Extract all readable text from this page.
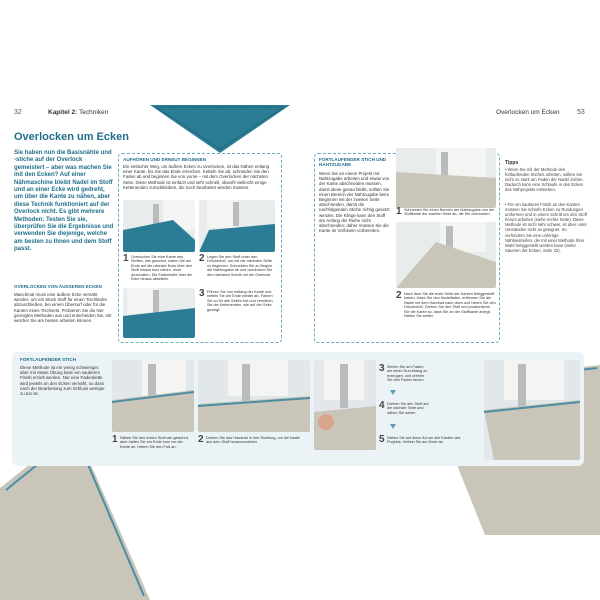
32	Kapitel 2: Techniken	Overlocken um Ecken 53
Overlocken um Ecken
Sie haben nun die Basisnähte und -stiche auf der Overlock gemeistert – aber was machen Sie mit den Ecken? Auf einer Nähmaschine bleibt Nadel im Stoff und an einer Ecke wird gedreht, um über die Kante zu nähen, aber diese Technik funktioniert auf der Overlock nicht. Es gibt mehrere Methoden: Testen Sie sie, überprüfen Sie die Ergebnisse und verwenden Sie diejenige, welche am besten zu Ihnen und dem Stoff passt.
OVERLOCKEN VON ÄUSSEREN ECKEN
Manchmal muss eine äußere Ecke vernäht werden: um ein Stück Stoff für einen Tischläufer abzuschließen, bei einem Übersurf oder für die Kanten eines Tischsets. Probieren Sie die hier gezeigten Methoden aus und entscheiden Sie, mit welcher Sie am besten arbeiten können.
AUFHÖREN UND ERNEUT BEGINNEN
Ein einfacher Weg, um äußere Ecken zu overlocken, ist das Nähen entlang einer Kante, bis Sie das Ende erreichen. Ketteln Sie ab, schneiden Sie den Faden ab und beginnen Sie von vorne – mit dem Overlocken der nächsten Seite. Diese Methode ist einfach und sehr schnell, obwohl vielleicht einige Kettenenden zurückbleiben, die noch bearbeitet werden müssen.
1 Overlocken Sie eine Kante des Stoffes, wie gewohnt, indem Sie am Ende auf die nächste Ecke über den Stoff hinaus kurz nähen, ohne anzuhalten. Die Fadenkette über die Ecke hinaus abketteln.
2 Legen Sie den Stoff unter den Drückerfuß, um mit der nächsten Seite zu beginnen. Schneiden Sie zu Beginn die Nahtzugabe ab und overlocken Sie den nächsten Schritt mit der Overlock.
3 Führen Sie nun entlang der Kante und ketteln Sie am Ende wieder ab. Fahren Sie so für alle Seiten fort und vernähen Sie die Kettenenden, wie auf der Seite gezeigt.
FORTLAUFENDER STICH UND NAHTZUGABE
Wenn Sie an einem Projekt mit Nahtzugabe arbeiten und etwas von der Kante abschneiden müssen, damit diese genau bleibt, sollten Sie einen Bereich der Nahtzugabe beim Beginnen mit der zweiten Seite abschneiden, damit die nachfolgenden Stiche richtig gesetzt werden. Die Klinge kann den Stoff am Anfang der Reihe nicht abschneiden; daher müssen Sie die Kante im Vorhinein vorbereiten.
1 Schneiden Sie einen Bereich der Nahtzugabe von der Stoffkante der zweiten Seite ab, die Sie overlocken.
2 Nach dem Sie die erste Seite der Kanten fertiggestellt haben, lösen Sie den Nadelfaden, entfernen Sie die Nadel mit dem Handrad nach oben und heben Sie den Drückerfuß. Drehen Sie den Stoff und positionieren Sie die Kante so, dass Sie an der Stoffkante anlegt. Nähen Sie weiter.
Tipps
• Wenn Sie mit der Methode des fortlaufenden Stiches arbeiten, sollten Sie nicht zu stark am Faden der Nadel ziehen. Dadurch kann eine Schlaufe in den Ecken des Nähprojekts entstehen.
• Für ein sauberes Finish an den Kanten müssen Sie scharfe Ecken zu Rundungen umformen und in einem Schritt um den Stoff herum arbeiten (siehe rechte Seite). Diese Methode ist nicht sehr schwer, ist aber unter Umständen nicht so geeignet. So verhindern Sie eine unfertige Nähbeistreifen, die mit einer Methode Ihrer Wahl fertiggestellt werden kann (siehe Säumen der Ecken, Seite 32).
FORTLAUFENDER STICH
Diese Methode ist ein wenig schwieriger, aber mit etwas Übung kann ein sauberes Finish erzielt werden. Nur eine Fadenkette wird jeweils an den Ecken vernäht, so dass nach der Bearbeitung zum Schluss weniger zu tun ist.
1 Nähen Sie den ersten Stoff wie gewohnt, aber halten Sie am Ende kurz vor der Kante an. Heben Sie den Fuß an.
2 Drehen Sie das Handrad in Ihre Richtung, um die Nadel aus dem Stoff herauszuziehen.
3 Ziehen Sie am Faden, um einen Durchhang zu erzeugen, und drehen Sie den Faden herum.
4 Drehen Sie den Stoff auf die nächste Seite und nähen Sie weiter.
5 Nähen Sie auf diese Art um alle Kanten des Projekts. Ketteln Sie am Ende ab.
